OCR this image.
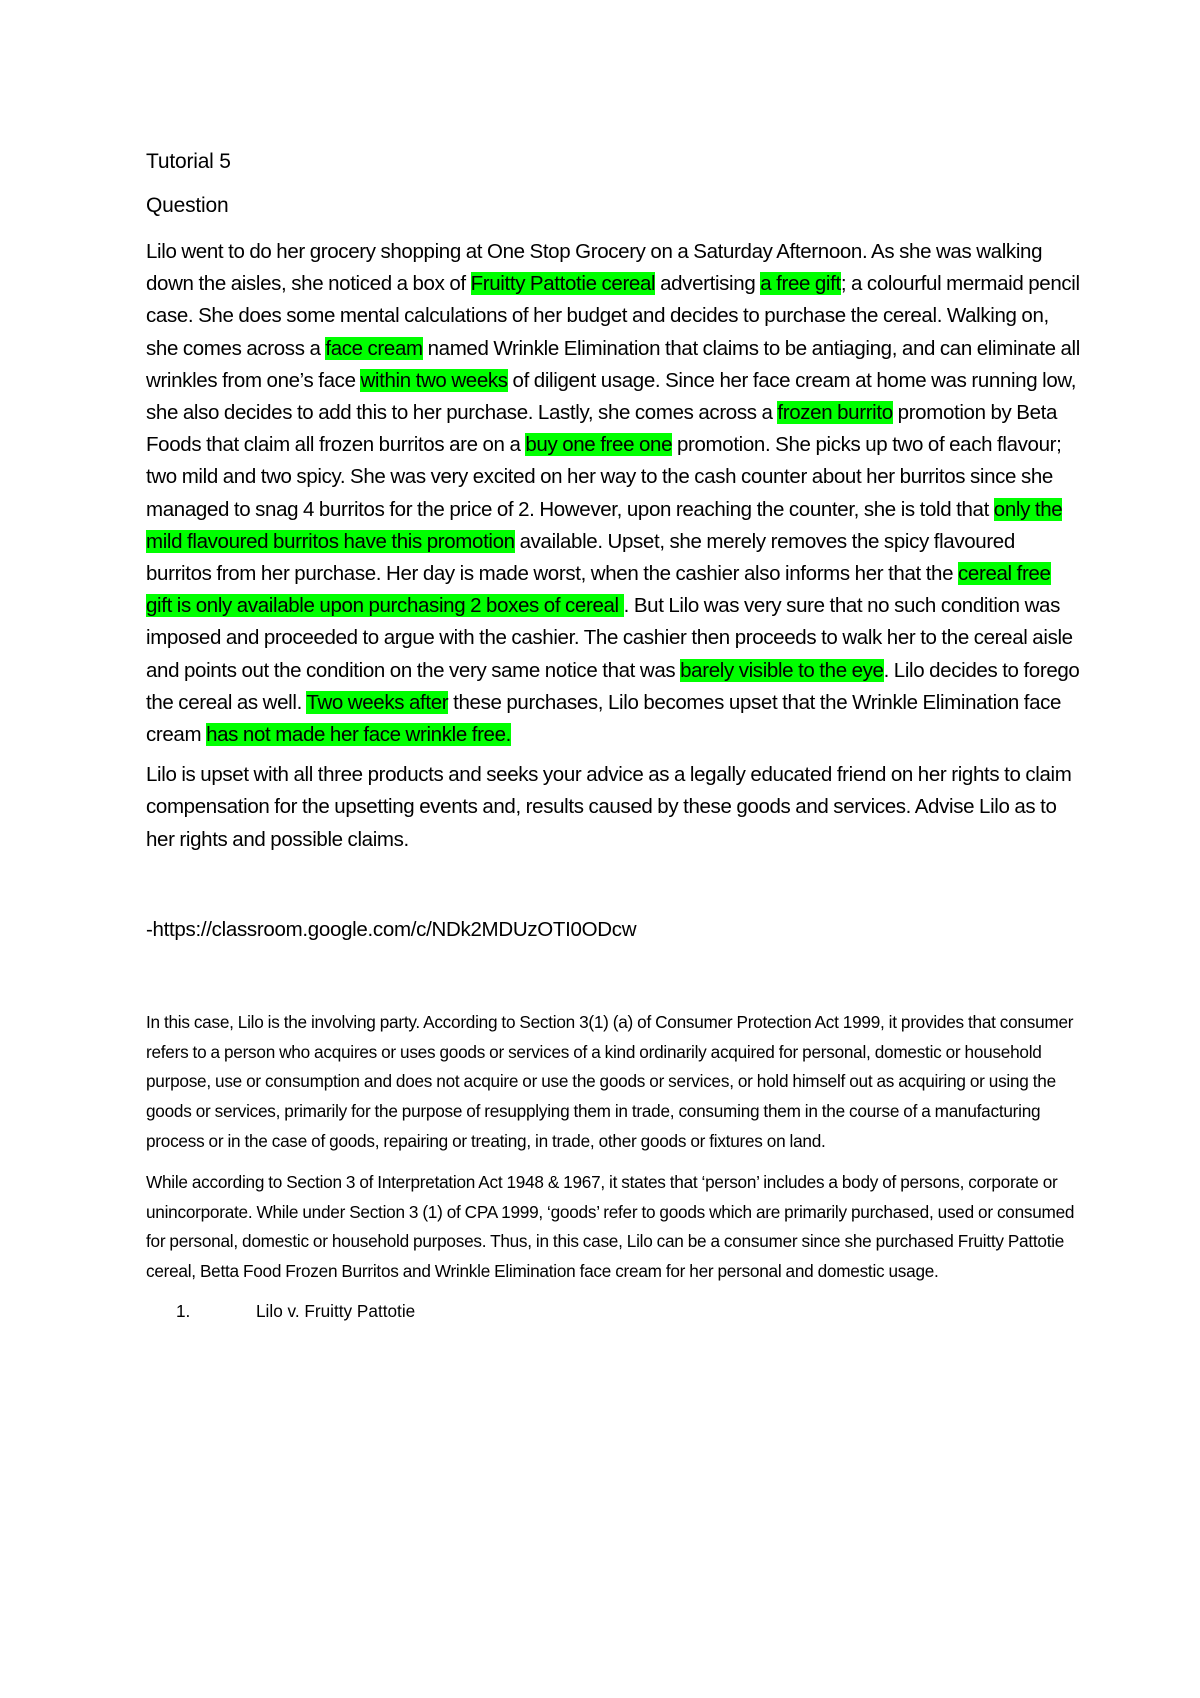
Tutorial 5

Question

Lilo went to do her grocery shopping at One Stop Grocery on a Saturday Afternoon. As she was walking down the aisles, she noticed a box of Fruitty Pattotie cereal advertising a free gift; a colourful mermaid pencil case. She does some mental calculations of her budget and decides to purchase the cereal. Walking on, she comes across a face cream named Wrinkle Elimination that claims to be antiaging, and can eliminate all wrinkles from one’s face within two weeks of diligent usage. Since her face cream at home was running low, she also decides to add this to her purchase. Lastly, she comes across a frozen burrito promotion by Beta Foods that claim all frozen burritos are on a buy one free one promotion. She picks up two of each flavour; two mild and two spicy. She was very excited on her way to the cash counter about her burritos since she managed to snag 4 burritos for the price of 2. However, upon reaching the counter, she is told that only the mild flavoured burritos have this promotion available. Upset, she merely removes the spicy flavoured burritos from her purchase. Her day is made worst, when the cashier also informs her that the cereal free gift is only available upon purchasing 2 boxes of cereal . But Lilo was very sure that no such condition was imposed and proceeded to argue with the cashier. The cashier then proceeds to walk her to the cereal aisle and points out the condition on the very same notice that was barely visible to the eye. Lilo decides to forego the cereal as well. Two weeks after these purchases, Lilo becomes upset that the Wrinkle Elimination face cream has not made her face wrinkle free.

Lilo is upset with all three products and seeks your advice as a legally educated friend on her rights to claim compensation for the upsetting events and, results caused by these goods and services. Advise Lilo as to her rights and possible claims.

-https://classroom.google.com/c/NDk2MDUzOTI0ODcw

In this case, Lilo is the involving party. According to Section 3(1) (a) of Consumer Protection Act 1999, it provides that consumer refers to a person who acquires or uses goods or services of a kind ordinarily acquired for personal, domestic or household purpose, use or consumption and does not acquire or use the goods or services, or hold himself out as acquiring or using the goods or services, primarily for the purpose of resupplying them in trade, consuming them in the course of a manufacturing process or in the case of goods, repairing or treating, in trade, other goods or fixtures on land.

While according to Section 3 of Interpretation Act 1948 & 1967, it states that ‘person’ includes a body of persons, corporate or unincorporate. While under Section 3 (1) of CPA 1999, ‘goods’ refer to goods which are primarily purchased, used or consumed for personal, domestic or household purposes. Thus, in this case, Lilo can be a consumer since she purchased Fruitty Pattotie cereal, Betta Food Frozen Burritos and Wrinkle Elimination face cream for her personal and domestic usage.

1.	Lilo v. Fruitty Pattotie
